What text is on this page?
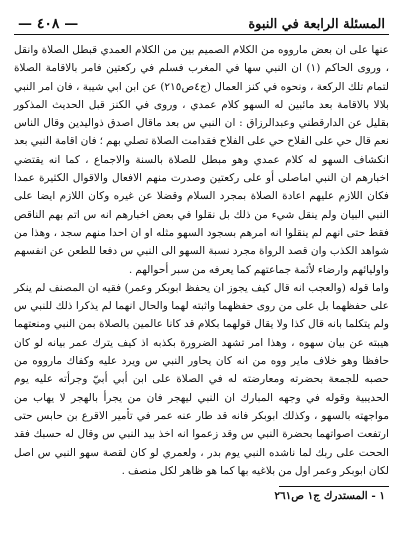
المسئلة الرابعة في النبوة
— ٤٠٨ —

عنها على ان بعض مارووه من الكلام الصميم بين من الكلام العمدي قبطل الصلاة وانقل ، وروى الحاكم (١) ان النبي سها في المغرب فسلم في ركعتين فامر بالاقامة الصلاة لتمام تلك الركعة ، ونحوه في كنز العمال (ج٤ص٢١٥) عن ابن ابي شيبة ، فان امر النبي بلالا بالاقامة بعد مائبين له السهو كلام عمدي ، وروى في الكنز قبل الحديث المذكور بقليل عن الدارقطني وعبدالرزاق : ان النبي س بعد ماقال اصدق ذواليدين وقال الناس نعم قال حي على الفلاح حي على الفلاح فقدامت الصلاة تصلي بهم ؛ فان اقامة النبي بعد انكشاف السهو له كلام عمدي وهو مبطل للصلاة بالسنة والاجماع ، كما انه يقتضي اخبارهم ان النبي اماصلى أو على ركعتين وصدرت منهم الافعال والاقوال الكثيرة عمدا فكان اللازم عليهم اعادة الصلاة بمجرد السلام وقضلا عن غيره وكان اللازم ايضا على النبي البيان ولم ينقل شيء من ذلك بل نقلوا في بعض اخبارهم انه س اتم بهم الناقص فقط حتى انهم لم ينقلوا انه امرهم بسجود السهو مثله او ان احدا منهم سجد ، وهذا من شواهد الكذب وان قصد الرواة مجرد نسبة السهو الى النبي س دفعا للطعن عن انفسهم واوليائهم وارضاء لأئمة جماعتهم كما يعرفه من سبر أحوالهم .

واما قوله (والعجب انه قال كيف يجوز ان يحفظ ابوبكر وعمر) فقيه ان المصنف لم ينكر على حفظهما بل على من روى حفظهما واثبته لهما والحال انهما لم يذكرا ذلك للنبي س ولم يتكلما بانه قال كذا ولا يقال قولهما بكلام قد كانا عالمين بالصلاة بمن النبي ومنعتهما هيبته عن بيان سهوه ، وهذا امر تشهد الضرورة بكذبه اذ كيف يترك عمر بيانه لو كان حافظا وهو خلاف ماير ووه من انه كان يحاور النبي س ويرد عليه وكفاك مارووه من حصبه للجمعة بحضرته ومعارضته له في الصلاة على ابن أبي أبيّ وجرأته عليه يوم الحديبية وقوله في وجهه المبارك ان النبي ليهجر فان من يجرأ بالهجر لا يهاب من مواجهته بالسهو ، وكذلك ابوبكر فانه قد طار عنه عمر في تأمير الاقرع بن حابس حتى ارتفعت اصواتهما بحضرة النبي س وقد زعموا انه اخذ بيد النبي س وقال له حسبك فقد الححت على ربك لما ناشده النبي يوم بدر ، ولعمري لو كان لقصة سهو النبي س اصل لكان ابوبكر وعمر اول من بلاغيه بها كما هو ظاهر لكل منصف .

١ - المستدرك ج١ ص٢٦١
